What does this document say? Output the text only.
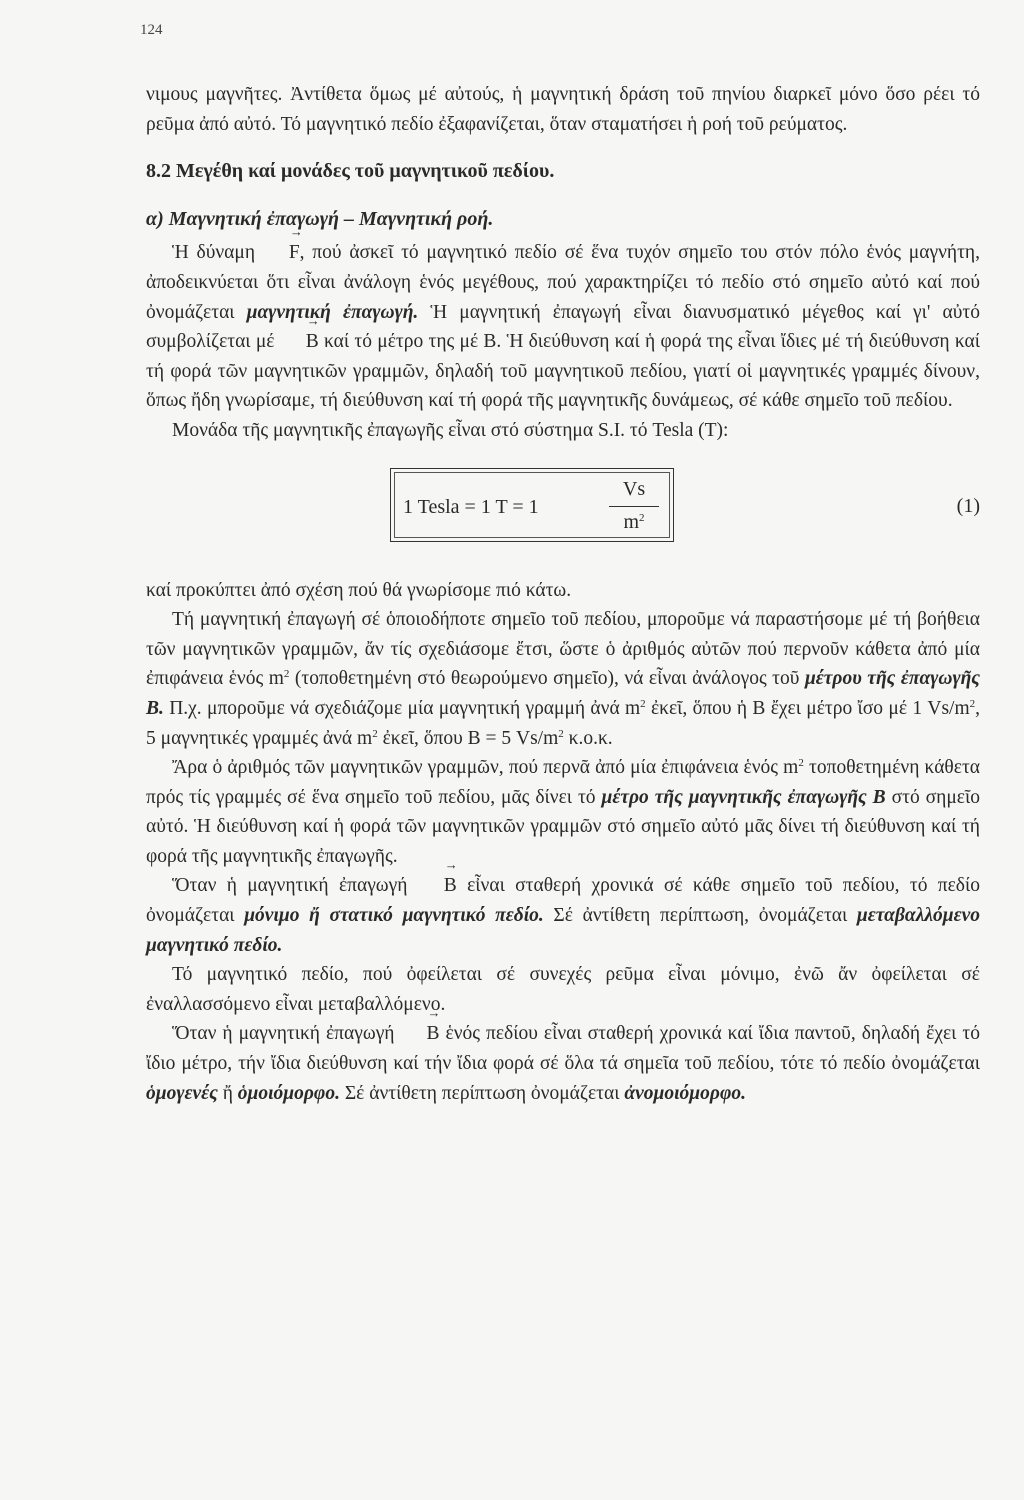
124

νιμους μαγνῆτες. Ἀντίθετα ὅμως μέ αὐτούς, ἡ μαγνητική δράση τοῦ πηνίου διαρκεῖ μόνο ὅσο ρέει τό ρεῦμα ἀπό αὐτό. Τό μαγνητικό πεδίο ἐξαφανίζεται, ὅταν σταματήσει ἡ ροή τοῦ ρεύματος.

8.2 Μεγέθη καί μονάδες τοῦ μαγνητικοῦ πεδίου.

α) Μαγνητική ἐπαγωγή – Μαγνητική ροή.

Ἡ δύναμη → F, πού ἀσκεῖ τό μαγνητικό πεδίο σέ ἕνα τυχόν σημεῖο του στόν πόλο ἑνός μαγνήτη, ἀποδεικνύεται ὅτι εἶναι ἀνάλογη ἑνός μεγέθους, πού χαρακτηρίζει τό πεδίο στό σημεῖο αὐτό καί πού ὀνομάζεται μαγνητική ἐπαγωγή. Ἡ μαγνητική ἐπαγωγή εἶναι διανυσματικό μέγεθος καί γι' αὐτό συμβολίζεται μέ → B καί τό μέτρο της μέ Β. Ἡ διεύθυνση καί ἡ φορά της εἶναι ἴδιες μέ τή διεύθυνση καί τή φορά τῶν μαγνητικῶν γραμμῶν, δηλαδή τοῦ μαγνητικοῦ πεδίου, γιατί οἱ μαγνητικές γραμμές δίνουν, ὅπως ἤδη γνωρίσαμε, τή διεύθυνση καί τή φορά τῆς μαγνητικῆς δυνάμεως, σέ κάθε σημεῖο τοῦ πεδίου.

Μονάδα τῆς μαγνητικῆς ἐπαγωγῆς εἶναι στό σύστημα S.I. τό Tesla (T):

1 Tesla = 1 T = 1	$\frac{Vs}{m^2}$	(1)

καί προκύπτει ἀπό σχέση πού θά γνωρίσομε πιό κάτω.

Τή μαγνητική ἐπαγωγή σέ ὁποιοδήποτε σημεῖο τοῦ πεδίου, μποροῦμε νά παραστήσομε μέ τή βοήθεια τῶν μαγνητικῶν γραμμῶν, ἄν τίς σχεδιάσομε ἔτσι, ὥστε ὁ ἀριθμός αὐτῶν πού περνοῦν κάθετα ἀπό μία ἐπιφάνεια ἑνός $m^2$ (τοποθετημένη στό θεωρούμενο σημεῖο), νά εἶναι ἀνάλογος τοῦ μέτρου τῆς ἐπαγωγῆς Β. Π.χ. μποροῦμε νά σχεδιάζομε μία μαγνητική γραμμή ἀνά $m^2$ ἐκεῖ, ὅπου ἡ Β ἔχει μέτρο ἴσο μέ 1 $Vs/m^2$, 5 μαγνητικές γραμμές ἀνά $m^2$ ἐκεῖ, ὅπου Β = 5 $Vs/m^2$ κ.ο.κ.

Ἄρα ὁ ἀριθμός τῶν μαγνητικῶν γραμμῶν, πού περνᾶ ἀπό μία ἐπιφάνεια ἑνός $m^2$ τοποθετημένη κάθετα πρός τίς γραμμές σέ ἕνα σημεῖο τοῦ πεδίου, μᾶς δίνει τό μέτρο τῆς μαγνητικῆς ἐπαγωγῆς Β στό σημεῖο αὐτό. Ἡ διεύθυνση καί ἡ φορά τῶν μαγνητικῶν γραμμῶν στό σημεῖο αὐτό μᾶς δίνει τή διεύθυνση καί τή φορά τῆς μαγνητικῆς ἐπαγωγῆς.

Ὅταν ἡ μαγνητική ἐπαγωγή → B εἶναι σταθερή χρονικά σέ κάθε σημεῖο τοῦ πεδίου, τό πεδίο ὀνομάζεται μόνιμο ἤ στατικό μαγνητικό πεδίο. Σέ ἀντίθετη περίπτωση, ὀνομάζεται μεταβαλλόμενο μαγνητικό πεδίο.

Τό μαγνητικό πεδίο, πού ὀφείλεται σέ συνεχές ρεῦμα εἶναι μόνιμο, ἐνῶ ἄν ὀφείλεται σέ ἐναλλασσόμενο εἶναι μεταβαλλόμενο.

Ὅταν ἡ μαγνητική ἐπαγωγή → B ἑνός πεδίου εἶναι σταθερή χρονικά καί ἴδια παντοῦ, δηλαδή ἔχει τό ἴδιο μέτρο, τήν ἴδια διεύθυνση καί τήν ἴδια φορά σέ ὅλα τά σημεῖα τοῦ πεδίου, τότε τό πεδίο ὀνομάζεται ὁμογενές ἤ ὁμοιόμορφο. Σέ ἀντίθετη περίπτωση ὀνομάζεται ἀνομοιόμορφο.
